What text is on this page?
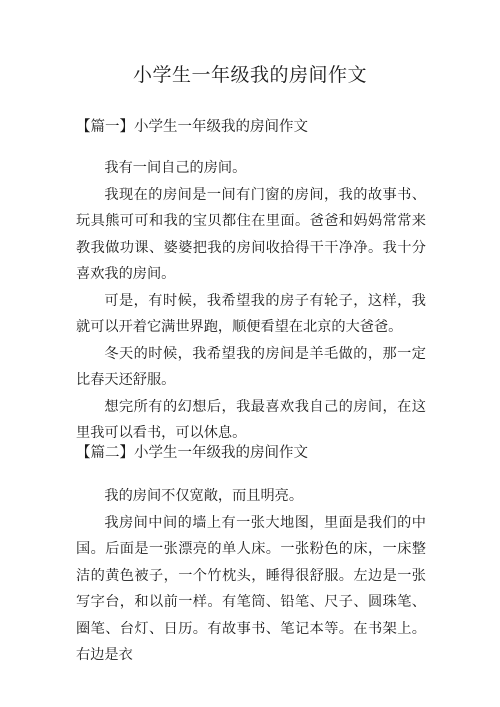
小学生一年级我的房间作文
【篇一】小学生一年级我的房间作文

我有一间自己的房间。

我现在的房间是一间有门窗的房间，我的故事书、玩具熊可可和我的宝贝都住在里面。爸爸和妈妈常常来教我做功课、婆婆把我的房间收拾得干干净净。我十分喜欢我的房间。

可是，有时候，我希望我的房子有轮子，这样，我就可以开着它满世界跑，顺便看望在北京的大爸爸。

冬天的时候，我希望我的房间是羊毛做的，那一定比春天还舒服。

想完所有的幻想后，我最喜欢我自己的房间，在这里我可以看书，可以休息。

【篇二】小学生一年级我的房间作文

我的房间不仅宽敞，而且明亮。

我房间中间的墙上有一张大地图，里面是我们的中国。后面是一张漂亮的单人床。一张粉色的床，一床整洁的黄色被子，一个竹枕头，睡得很舒服。左边是一张写字台，和以前一样。有笔筒、铅笔、尺子、圆珠笔、圈笔、台灯、日历。有故事书、笔记本等。在书架上。右边是衣
